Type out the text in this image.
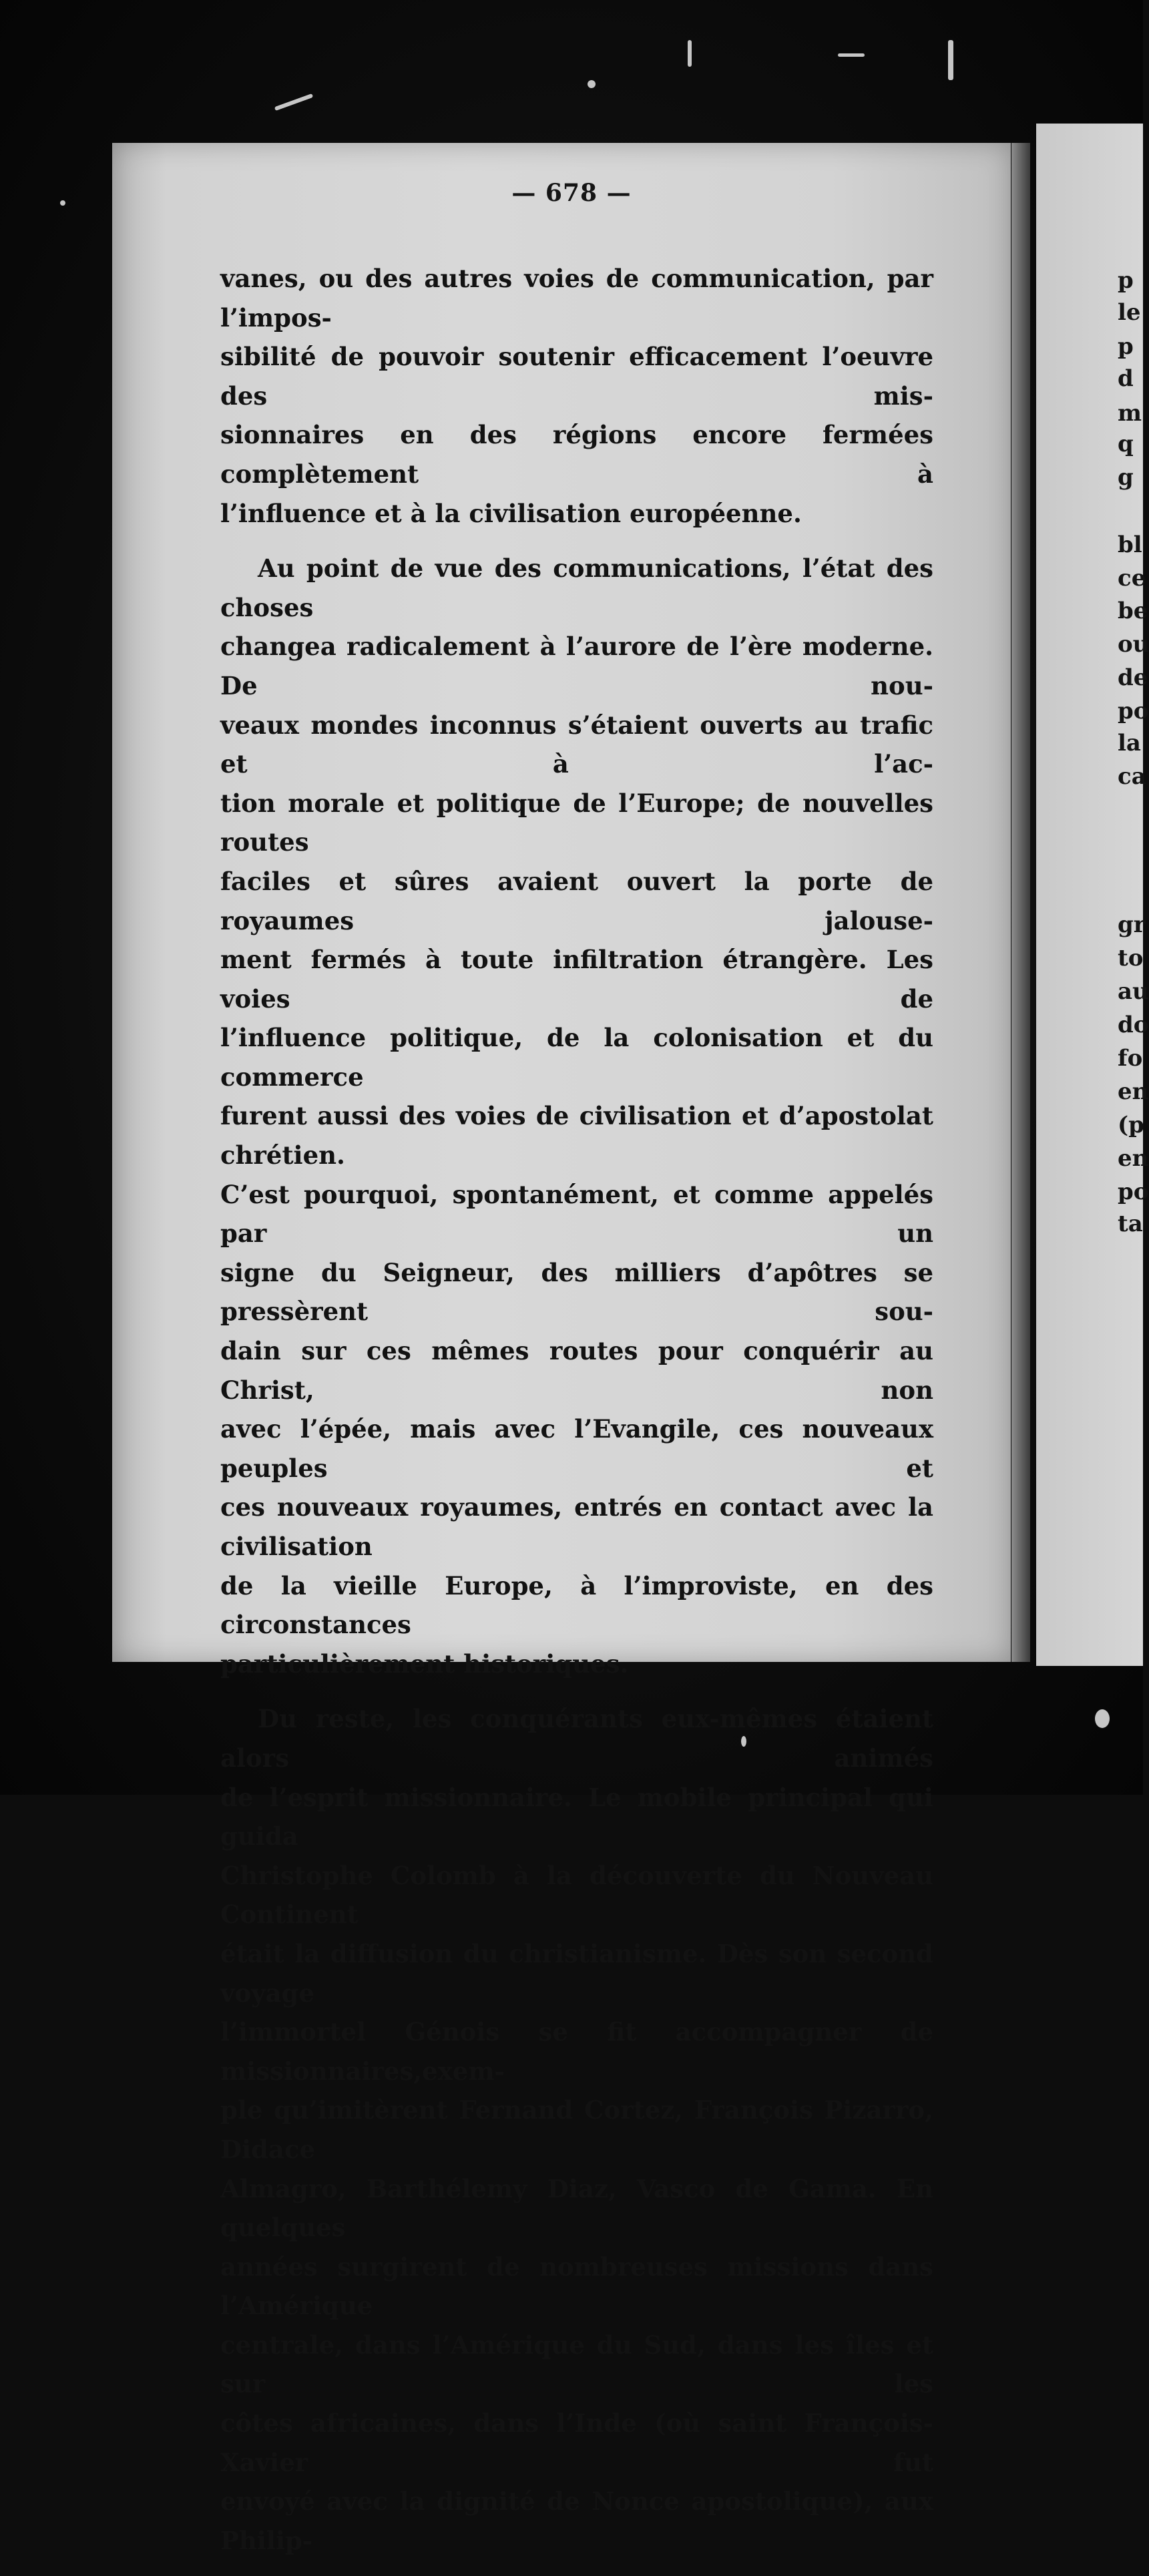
p
le
p
d
m
q
g
bl
ce
be
ou
de
po
la
ca
gr
to
au
do
fo
en
(p
en
po
ta
— 678 —

vanes, ou des autres voies de communication, par l’impos-
sibilité de pouvoir soutenir efficacement l’oeuvre des mis-
sionnaires en des régions encore fermées complètement à
l’influence et à la civilisation européenne.

Au point de vue des communications, l’état des choses
changea radicalement à l’aurore de l’ère moderne. De nou-
veaux mondes inconnus s’étaient ouverts au trafic et à l’ac-
tion morale et politique de l’Europe; de nouvelles routes
faciles et sûres avaient ouvert la porte de royaumes jalouse-
ment fermés à toute infiltration étrangère. Les voies de
l’influence politique, de la colonisation et du commerce
furent aussi des voies de civilisation et d’apostolat chrétien.
C’est pourquoi, spontanément, et comme appelés par un
signe du Seigneur, des milliers d’apôtres se pressèrent sou-
dain sur ces mêmes routes pour conquérir au Christ, non
avec l’épée, mais avec l’Evangile, ces nouveaux peuples et
ces nouveaux royaumes, entrés en contact avec la civilisation
de la vieille Europe, à l’improviste, en des circonstances
particulièrement historiques.

Du reste, les conquérants eux-mêmes étaient alors animés
de l’esprit missionnaire. Le mobile principal qui guida
Christophe Colomb à la découverte du Nouveau Continent
était la diffusion du christianisme. Dès son second voyage
l’immortel Génois se fit accompagner de missionnaires,exem-
ple qu’imitèrent Fernand Cortez, François Pizarro, Didace
Almagro, Barthélemy Diaz, Vasco de Gama. En quelques
années surgirent de nombreuses missions dans l’Amérique
centrale, dans l’Amérique du Sud, dans les îles et sur les
côtes africaines, dans l’Inde (où saint François-Xavier fut
envoyé avec la dignité de Nonce apostolique), aux Philip-
